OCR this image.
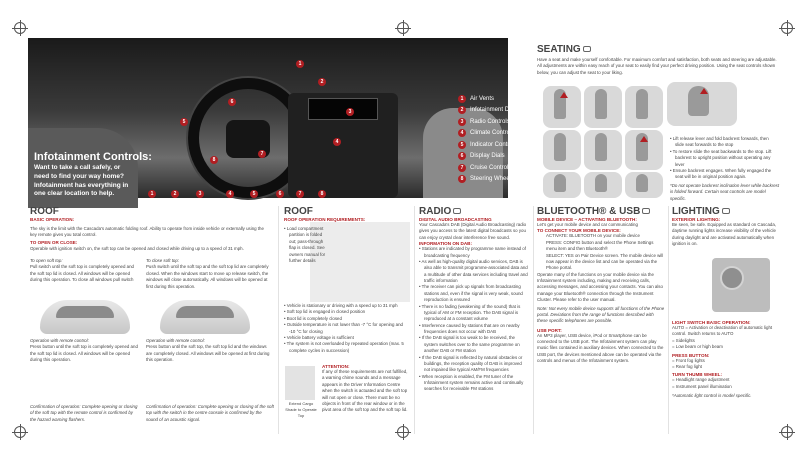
1
2
3
4
5
6
7
8
1	2	3	4	5	6	7	8
Infotainment Controls:
Want to take a call safely, or need to find your way home? Infotainment has everything in one clear location to help.
1	Air Vents
2	Infotainment Display
3	Radio Controls
4	Climate Controls
5	Indicator Controls
6	Display Dials
7	Cruise Controls
8	Steering Wheel Controls
ROOF
BASIC OPERATION:
The sky is the limit with the Cascada's automatic folding roof. Ability to operate from inside vehicle or externally using the key remote gives you total control.
TO OPEN OR CLOSE:
Operable with ignition switch on, the soft top can be opened and closed while driving up to a speed of 31 mph.
To open soft top:
Pull switch until the soft top is completely opened and the soft top lid is closed. All windows will be opened during this operation. To close all windows pull switch
To close soft top:
Push switch until the soft top and the soft top lid are completely closed. When the windows start to move up release switch, the windows will close automatically. All windows will be opened at first during this operation.
Operation with remote control:
Press button until the soft top is completely opened and the soft top lid is closed. All windows will be opened during this operation.
Operation with remote control:
Press button until the soft top, the soft top lid and the windows are completely closed. All windows will be opened at first during this operation.
Confirmation of operation: Complete opening or closing of the soft top with the remote control is confirmed by the hazard warning flashers.
Confirmation of operation: Complete opening or closing of the soft top with the switch in the centre console is confirmed by the sound of an acoustic signal.
ROOF
ROOF OPERATION REQUIREMENTS:
• Load compartment partition is folded out; pass-through flap is closed. See owners manual for further details
• Vehicle is stationary or driving with a speed up to 31 mph
• Soft top lid is engaged in closed position
• Boot lid is completely closed
• Outside temperature is not lower than -7 °C for opening and -10 °C for closing
• Vehicle battery voltage is sufficient
• The system is not overloaded by repeated operation (max. 5 complete cycles in succession)
Extend Cargo Shade to Operate Top
ATTENTION:
If any of these requirements are not fulfilled, a warning chime sounds and a message appears in the Driver Information Centre when the switch is actuated and the soft top will not open or close. There must be no objects in front of the rear window or in the pivot area of the soft top and the soft top lid.
RADIO
DIGITAL AUDIO BROADCASTING
Your Cascada's DAB (Digital Audio Broadcasting) radio gives you access to the latest digital broadcasts so you can enjoy crystal clear interference free sound.
INFORMATION ON DAB:
• Stations are indicated by programme name instead of broadcasting frequency
• As well as high-quality digital audio services, DAB is also able to transmit programme-associated data and a multitude of other data services including travel and traffic information
• The receiver can pick up signals from broadcasting stations and, even if the signal is very weak, sound reproduction is ensured
• There is no fading (weakening of the sound) that is typical of AM or FM reception. The DAB signal is reproduced at a constant volume
• Interference caused by stations that are on nearby frequencies does not occur with DAB
• If the DAB signal is too weak to be received, the system switches over to the same programme on another DAB or FM station
• If the DAB signal is reflected by natural obstacles or buildings, the reception quality of DAB is improved not impaired like typical AM/FM frequencies
• When reception is enabled, the FM tuner of the Infotainment system remains active and continually searches for receivable FM stations
BLUETOOTH® & USB
MOBILE DEVICE – ACTIVATING BLUETOOTH:
Let's get your mobile device and car communicating
TO CONNECT YOUR MOBILE DEVICE:
ACTIVATE: BLUETOOTH on your mobile device
PRESS: CONFIG button and select the Phone Settings menu item and then Bluetooth®
SELECT: YES on Pair Device screen. The mobile device will now appear in the device list and can be operated via the Phone portal.
Operate many of the functions on your mobile device via the Infotainment system including, making and receiving calls, accessing messages, and accessing your contacts. You can also manage your Bluetooth® connection through the Instrument Cluster. Please refer to the user manual.
Note: Not every mobile device supports all functions of the Phone portal. Deviations from the range of functions described with these specific telephones are possible.
USB PORT:
An MP3 player, USB device, iPod or Smartphone can be connected to the USB port. The Infotainment system can play music files contained in auxiliary devices. When connected to the USB port, the devices mentioned above can be operated via the controls and menus of the Infotainment system.
SEATING
Have a seat and make yourself comfortable. For maximum comfort and satisfaction, both seats and steering are adjustable. All adjustments are within easy reach of your seat to easily find your perfect driving position. Using the seat controls shown below, you can adjust the seat to your liking.
• Lift release lever and fold backrest forwards, then slide seat forwards to the stop
• To restore slide the seat backwards to the stop. Lift backrest to upright position without operating any lever
• Ensure backrest engages. When fully engaged the seat will be in original position again.
*Do not operate backrest inclination lever while backrest is folded forward. Certain seat controls are model specific.
LIGHTING
EXTERIOR LIGHTING:
Be seen, be safe. Equipped as standard on Cascada, daytime running lights increase visibility of the vehicle during daylight and are activated automatically when ignition is on.
LIGHT SWITCH BASIC OPERATION:
AUTO = Activation or deactivation of automatic light control. Switch returns to AUTO
= Sidelights
= Low beam or high beam
PRESS BUTTON:
= Front fog lights
= Rear fog light
TURN THUMB WHEEL:
= Headlight range adjustment
= Instrument panel illumination
*Automatic light control is model specific.
